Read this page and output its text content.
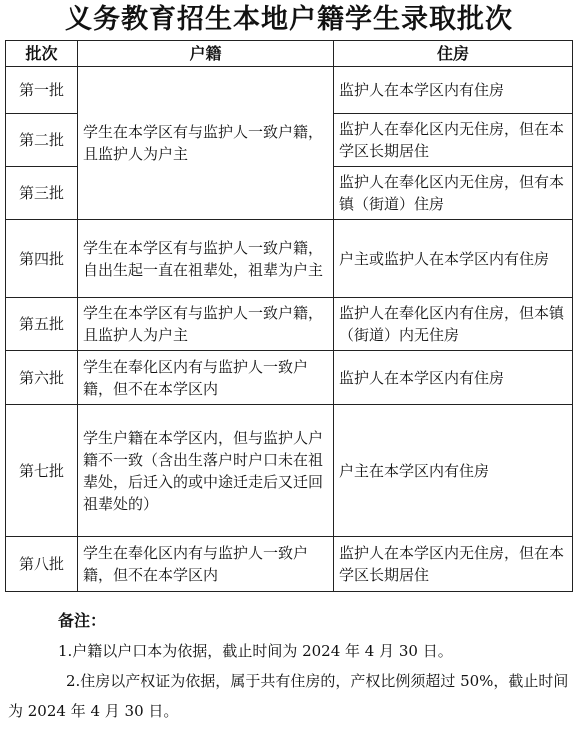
义务教育招生本地户籍学生录取批次
批次	户籍	住房
第一批	学生在本学区有与监护人一致户籍，且监护人为户主	监护人在本学区内有住房
第二批		监护人在奉化区内无住房，但在本学区长期居住
第三批		监护人在奉化区内无住房，但有本镇（街道）住房
第四批	学生在本学区有与监护人一致户籍，自出生起一直在祖辈处，祖辈为户主	户主或监护人在本学区内有住房
第五批	学生在本学区有与监护人一致户籍，且监护人为户主	监护人在奉化区内有住房，但本镇（街道）内无住房
第六批	学生在奉化区内有与监护人一致户籍，但不在本学区内	监护人在本学区内有住房
第七批	学生户籍在本学区内，但与监护人户籍不一致（含出生落户时户口未在祖辈处，后迁入的或中途迁走后又迁回祖辈处的）	户主在本学区内有住房
第八批	学生在奉化区内有与监护人一致户籍，但不在本学区内	监护人在本学区内无住房，但在本学区长期居住
备注：
1.户籍以户口本为依据，截止时间为 2024 年 4 月 30 日。
2.住房以产权证为依据，属于共有住房的，产权比例须超过 50%，截止时间为 2024 年 4 月 30 日。
